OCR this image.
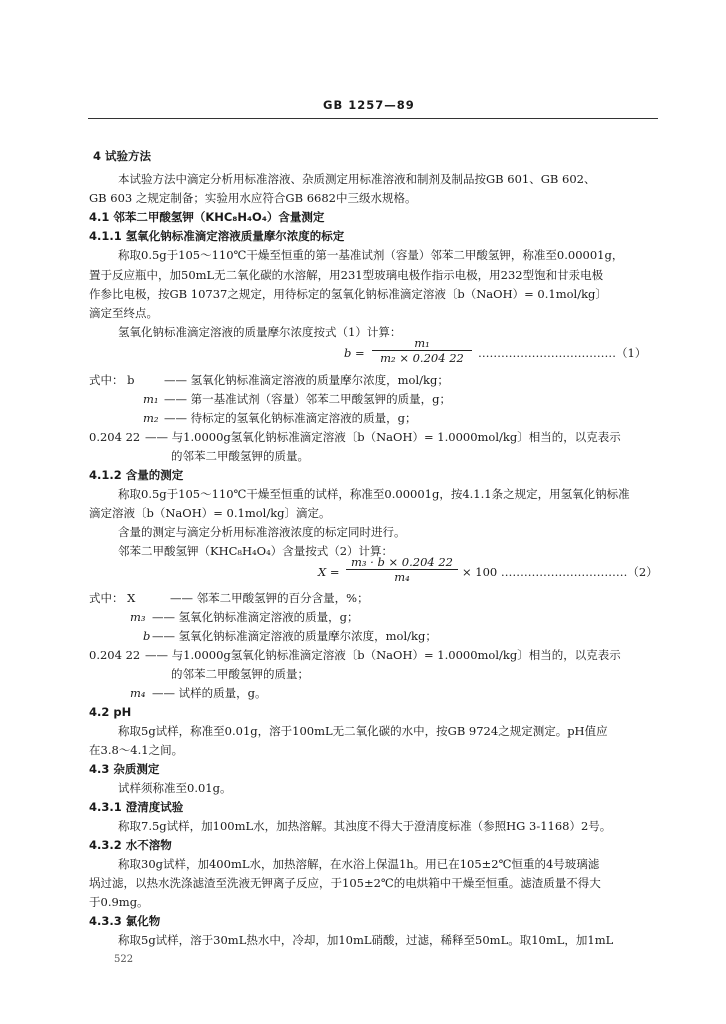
GB 1257—89
4 试验方法
本试验方法中滴定分析用标准溶液、杂质测定用标准溶液和制剂及制品按GB 601、GB 602、
GB 603 之规定制备；实验用水应符合GB 6682中三级水规格。
4.1 邻苯二甲酸氢钾（KHC₈H₄O₄）含量测定
4.1.1 氢氧化钠标准滴定溶液质量摩尔浓度的标定
称取0.5g于105～110℃干燥至恒重的第一基准试剂（容量）邻苯二甲酸氢钾，称准至0.00001g，
置于反应瓶中，加50mL无二氧化碳的水溶解，用231型玻璃电极作指示电极，用232型饱和甘汞电极
作参比电极，按GB 10737之规定，用待标定的氢氧化钠标准滴定溶液〔b（NaOH）= 0.1mol/kg〕
滴定至终点。
氢氧化钠标准滴定溶液的质量摩尔浓度按式（1）计算：
$b = \frac{\text{m₁}}{\text{m₂ × 0.204 22}}$ ………………………………（1）
式中： b	—— 氢氧化钠标准滴定溶液的质量摩尔浓度，mol/kg；
m₁ —— 第一基准试剂（容量）邻苯二甲酸氢钾的质量，g；
m₂ —— 待标定的氢氧化钠标准滴定溶液的质量，g；
0.204 22 —— 与1.0000g氢氧化钠标准滴定溶液〔b（NaOH）= 1.0000mol/kg〕相当的，以克表示
的邻苯二甲酸氢钾的质量。
4.1.2 含量的测定
称取0.5g于105～110℃干燥至恒重的试样，称准至0.00001g，按4.1.1条之规定，用氢氧化钠标准
滴定溶液〔b（NaOH）= 0.1mol/kg〕滴定。
含量的测定与滴定分析用标准溶液浓度的标定同时进行。
邻苯二甲酸氢钾（KHC₈H₄O₄）含量按式（2）计算：
$X = \frac{\text{m₃ · b × 0.204 22}}{\text{m₄}} \times 100$ ……………………………（2）
式中： X	—— 邻苯二甲酸氢钾的百分含量，%；
m₃ —— 氢氧化钠标准滴定溶液的质量，g；
b —— 氢氧化钠标准滴定溶液的质量摩尔浓度，mol/kg；
0.204 22 —— 与1.0000g氢氧化钠标准滴定溶液〔b（NaOH）= 1.0000mol/kg〕相当的，以克表示
的邻苯二甲酸氢钾的质量；
m₄ —— 试样的质量，g。
4.2 pH
称取5g试样，称准至0.01g，溶于100mL无二氧化碳的水中，按GB 9724之规定测定。pH值应
在3.8～4.1之间。
4.3 杂质测定
试样须称准至0.01g。
4.3.1 澄清度试验
称取7.5g试样，加100mL水，加热溶解。其浊度不得大于澄清度标准（参照HG 3-1168）2号。
4.3.2 水不溶物
称取30g试样，加400mL水，加热溶解，在水浴上保温1h。用已在105±2℃恒重的4号玻璃滤
埚过滤，以热水洗涤滤渣至洗液无钾离子反应，于105±2℃的电烘箱中干燥至恒重。滤渣质量不得大
于0.9mg。
4.3.3 氯化物
称取5g试样，溶于30mL热水中，冷却，加10mL硝酸，过滤，稀释至50mL。取10mL，加1mL
522
